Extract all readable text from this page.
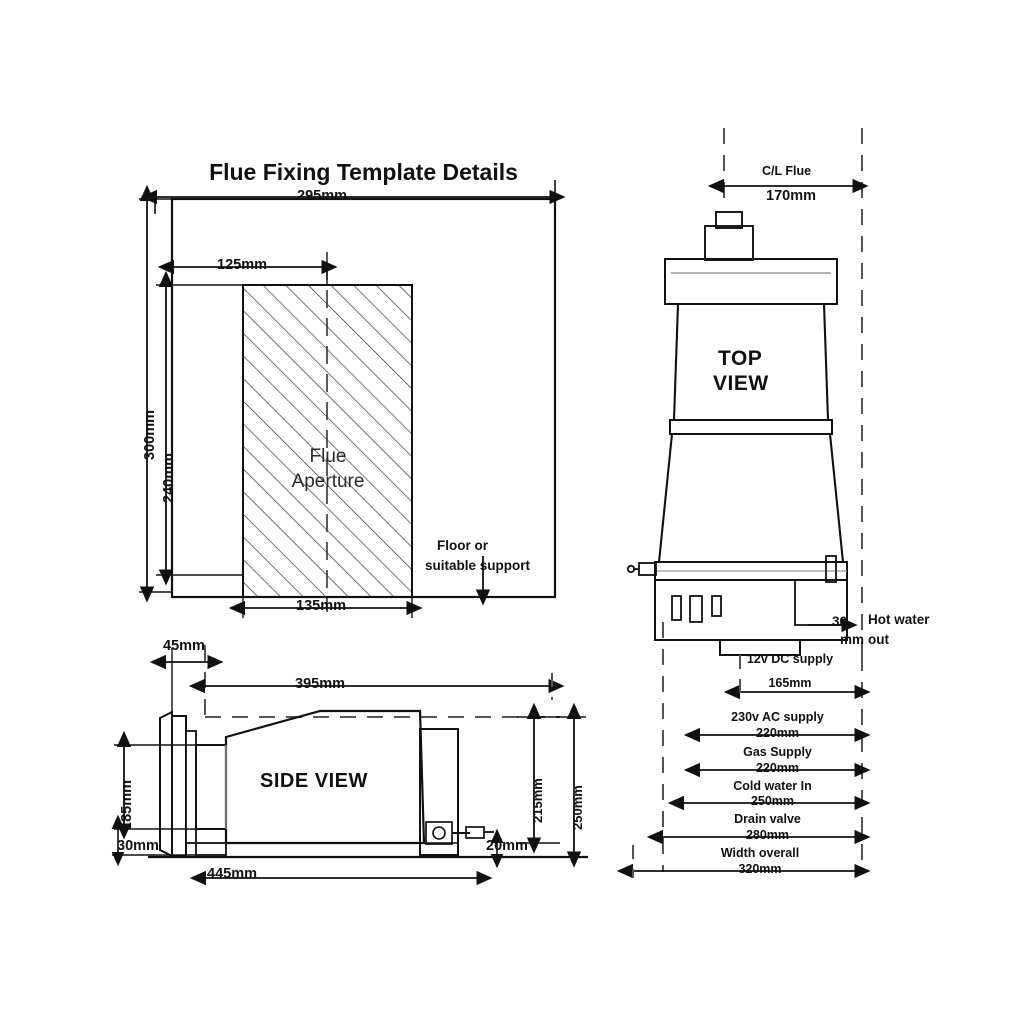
Flue Fixing Template Details
295mm
125mm
135mm
300mm
240mm	Flue
Aperture
Floor or
suitable support
C/L Flue
170mm
TOP
VIEW
30
mm
Hot water
out
12v DC supply
165mm
230v AC supply
220mm
Gas Supply
220mm
Cold water In
250mm
Drain valve
280mm
Width overall
320mm
45mm
395mm
SIDE VIEW
185mm
30mm
445mm
215mm 250mm
20mm
